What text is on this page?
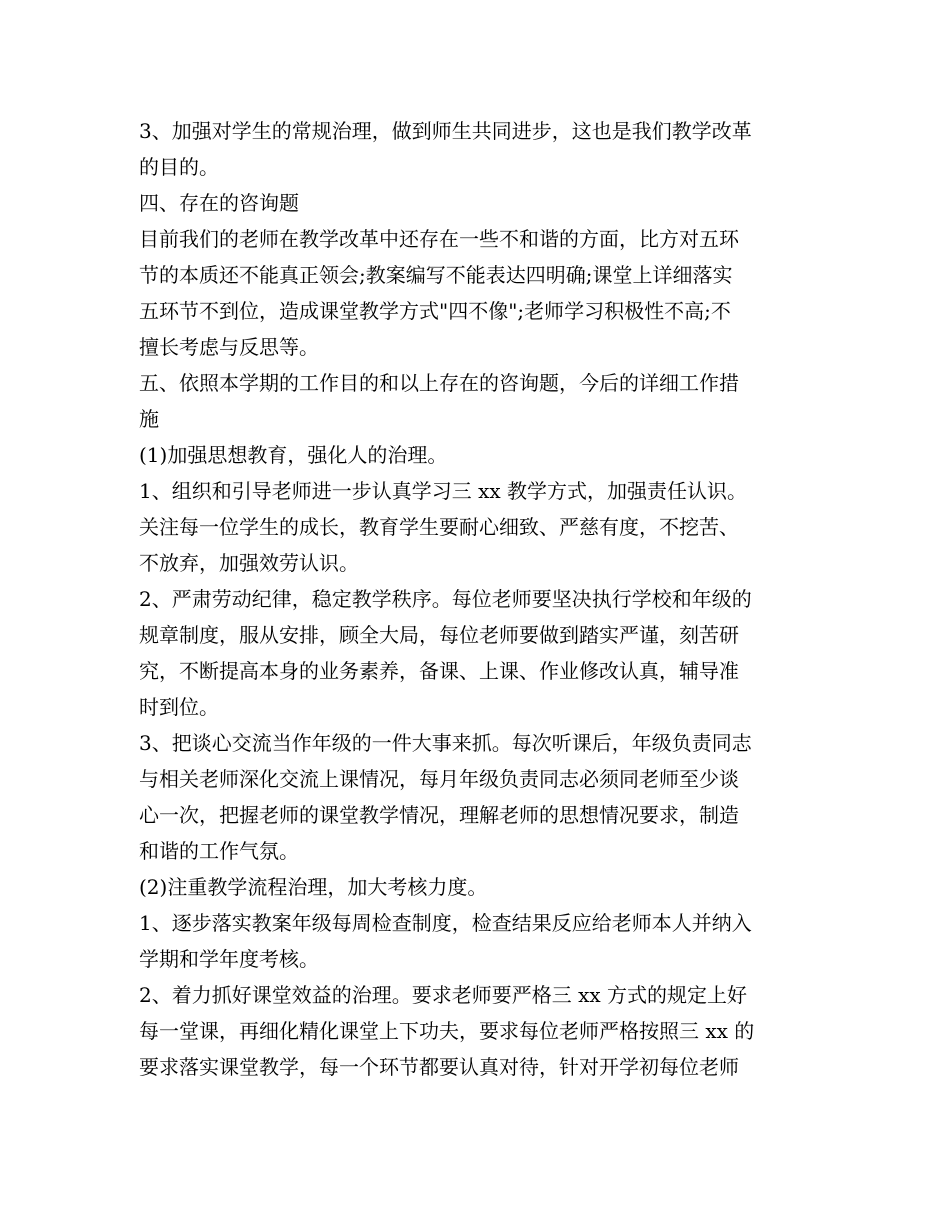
3、加强对学生的常规治理，做到师生共同进步，这也是我们教学改革
的目的。
四、存在的咨询题
目前我们的老师在教学改革中还存在一些不和谐的方面，比方对五环
节的本质还不能真正领会;教案编写不能表达四明确;课堂上详细落实
五环节不到位，造成课堂教学方式"四不像";老师学习积极性不高;不
擅长考虑与反思等。
五、依照本学期的工作目的和以上存在的咨询题，今后的详细工作措
施
(1)加强思想教育，强化人的治理。
1、组织和引导老师进一步认真学习三 xx 教学方式，加强责任认识。
关注每一位学生的成长，教育学生要耐心细致、严慈有度，不挖苦、
不放弃，加强效劳认识。
2、严肃劳动纪律，稳定教学秩序。每位老师要坚决执行学校和年级的
规章制度，服从安排，顾全大局，每位老师要做到踏实严谨，刻苦研
究，不断提高本身的业务素养，备课、上课、作业修改认真，辅导准
时到位。
3、把谈心交流当作年级的一件大事来抓。每次听课后，年级负责同志
与相关老师深化交流上课情况，每月年级负责同志必须同老师至少谈
心一次，把握老师的课堂教学情况，理解老师的思想情况要求，制造
和谐的工作气氛。
(2)注重教学流程治理，加大考核力度。
1、逐步落实教案年级每周检查制度，检查结果反应给老师本人并纳入
学期和学年度考核。
2、着力抓好课堂效益的治理。要求老师要严格三 xx 方式的规定上好
每一堂课，再细化精化课堂上下功夫，要求每位老师严格按照三 xx 的
要求落实课堂教学，每一个环节都要认真对待，针对开学初每位老师
